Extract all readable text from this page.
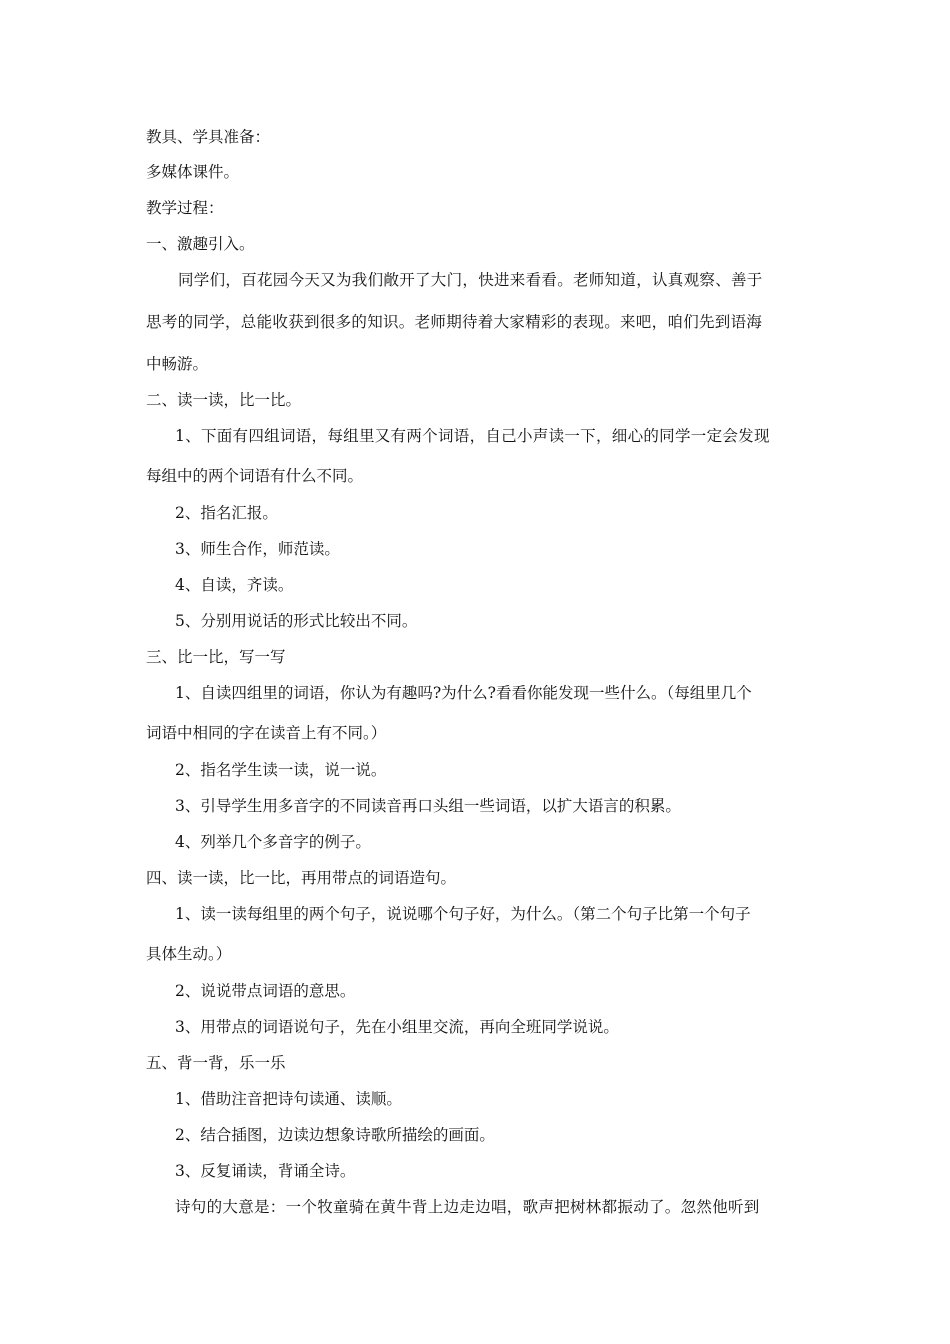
教具、学具准备：
多媒体课件。
教学过程：
一、激趣引入。
同学们，百花园今天又为我们敞开了大门，快进来看看。老师知道，认真观察、善于
思考的同学，总能收获到很多的知识。老师期待着大家精彩的表现。来吧，咱们先到语海
中畅游。
二、读一读，比一比。
1、下面有四组词语，每组里又有两个词语，自己小声读一下，细心的同学一定会发现
每组中的两个词语有什么不同。
2、指名汇报。
3、师生合作，师范读。
4、自读，齐读。
5、分别用说话的形式比较出不同。
三、比一比，写一写
1、自读四组里的词语，你认为有趣吗?为什么?看看你能发现一些什么。（每组里几个
词语中相同的字在读音上有不同。）
2、指名学生读一读，说一说。
3、引导学生用多音字的不同读音再口头组一些词语，以扩大语言的积累。
4、列举几个多音字的例子。
四、读一读，比一比，再用带点的词语造句。
1、读一读每组里的两个句子，说说哪个句子好，为什么。（第二个句子比第一个句子
具体生动。）
2、说说带点词语的意思。
3、用带点的词语说句子，先在小组里交流，再向全班同学说说。
五、背一背，乐一乐
1、借助注音把诗句读通、读顺。
2、结合插图，边读边想象诗歌所描绘的画面。
3、反复诵读，背诵全诗。
诗句的大意是：一个牧童骑在黄牛背上边走边唱，歌声把树林都振动了。忽然他听到
